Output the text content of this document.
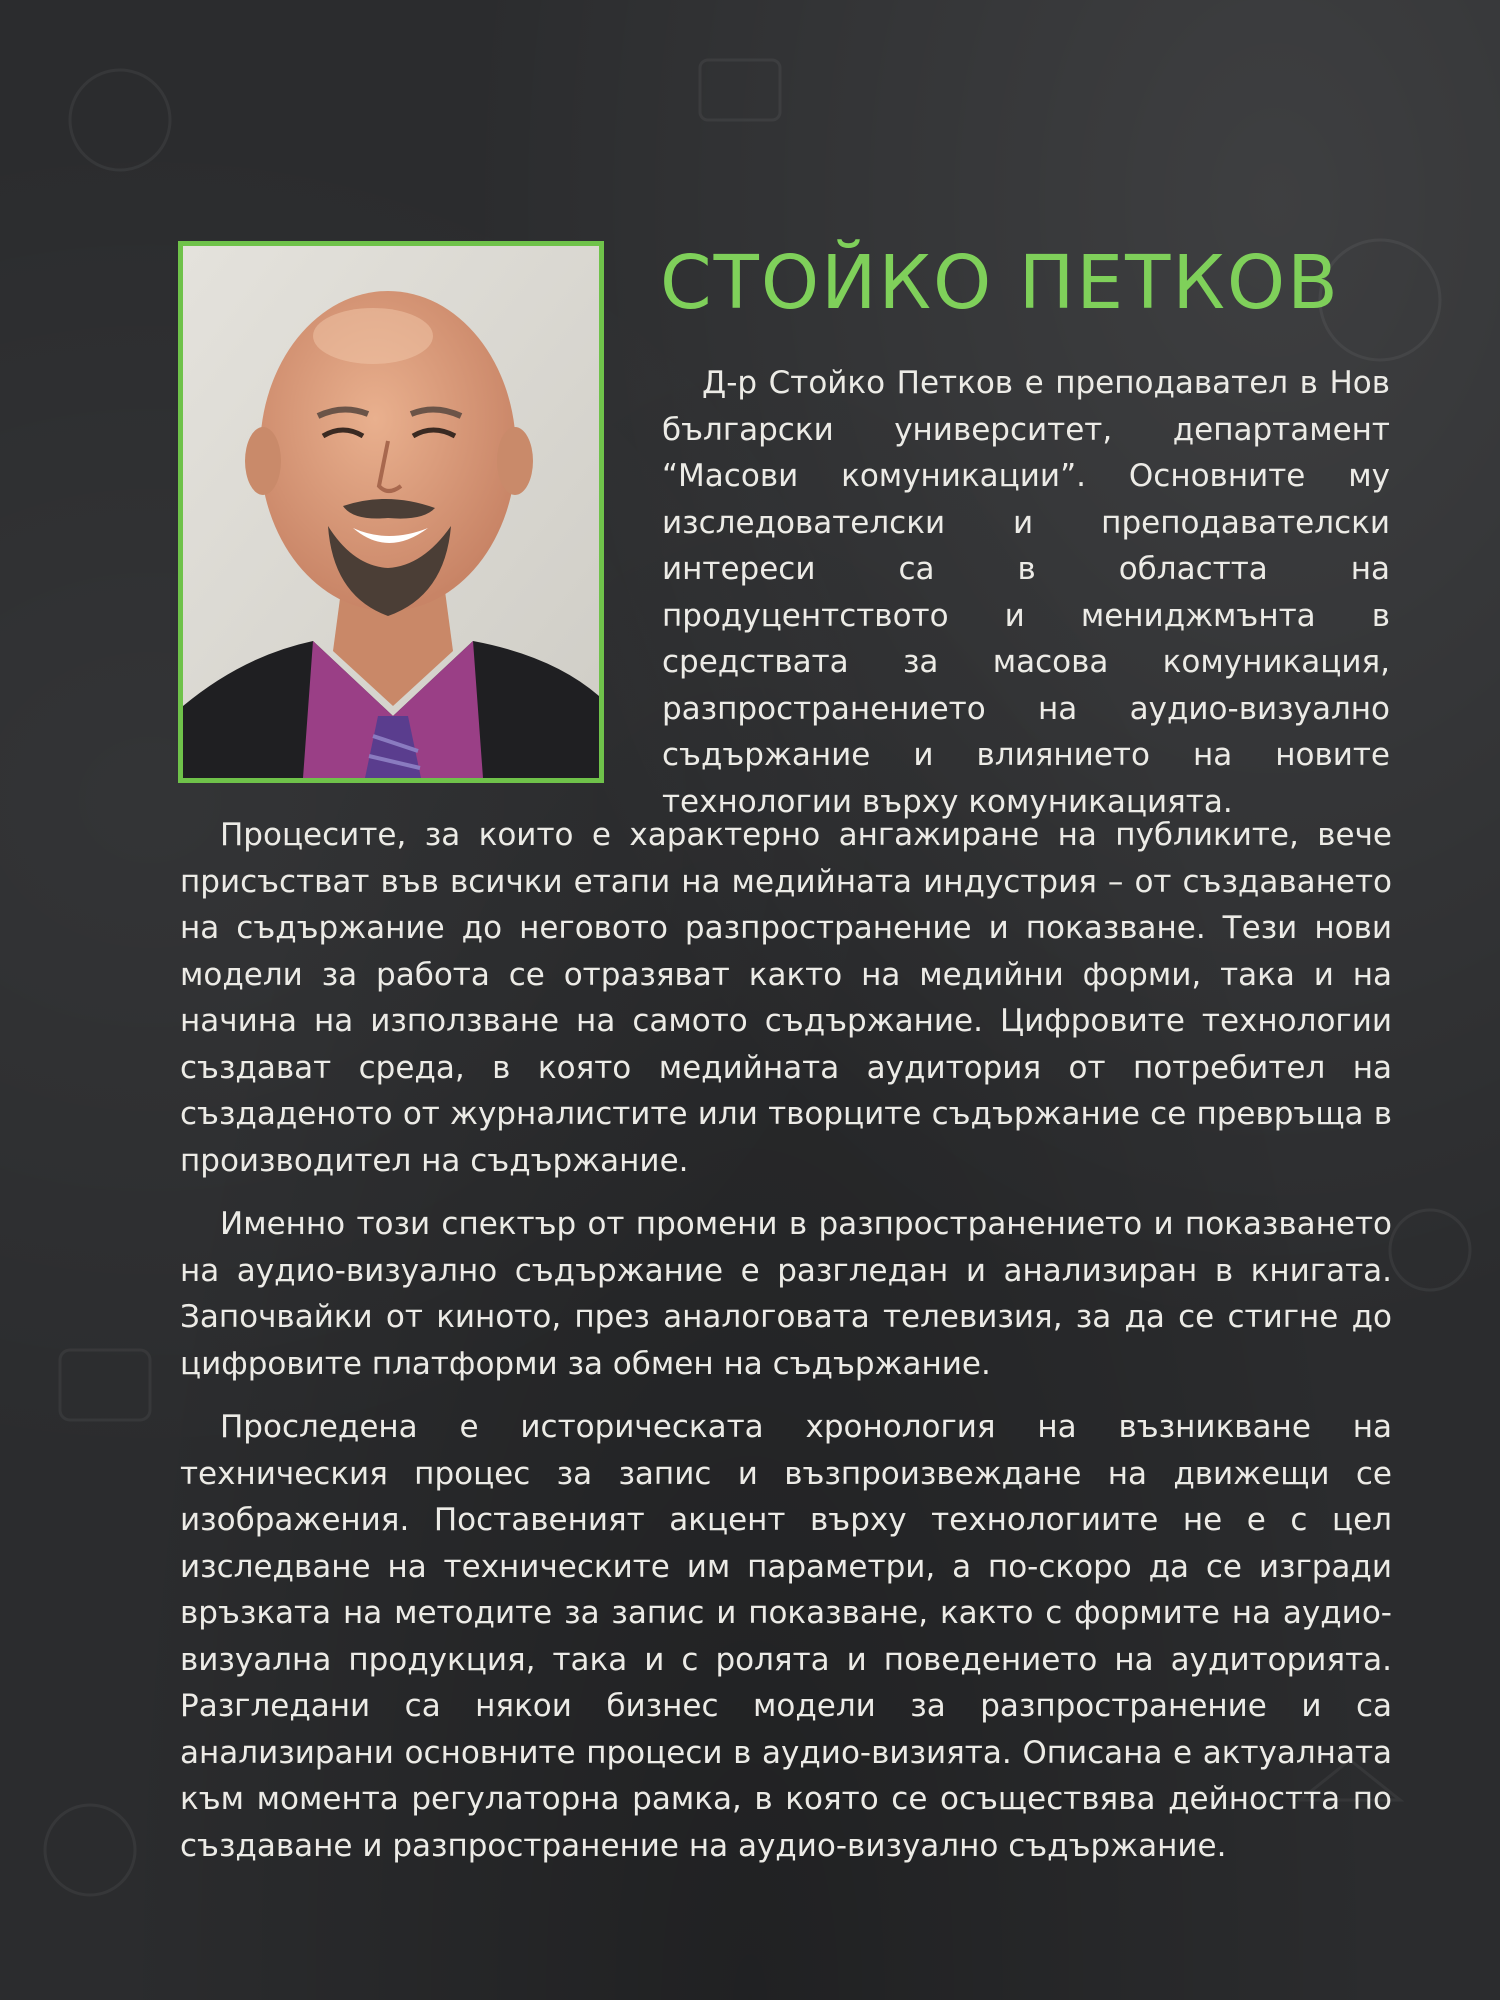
СТОЙКО ПЕТКОВ

Д-р Стойко Петков е преподавател в Нов български университет, департамент “Масови комуникации”. Основните му изследователски и преподавателски интереси са в областта на продуцентството и мениджмънта в средствата за масова комуникация, разпространението на аудио-визуално съдържание и влиянието на новите технологии върху комуникацията.

Процесите, за които е характерно ангажиране на публиките, вече присъстват във всички етапи на медийната индустрия – от създаването на съдържание до неговото разпространение и показване. Тези нови модели за работа се отразяват както на медийни форми, така и на начина на използване на самото съдържание. Цифровите технологии създават среда, в която медийната аудитория от потребител на създаденото от журналистите или творците съдържание се превръща в производител на съдържание.

Именно този спектър от промени в разпространението и показването на аудио-визуално съдържание е разгледан и анализиран в книгата. Започвайки от киното, през аналоговата телевизия, за да се стигне до цифровите платформи за обмен на съдържание.

Проследена е историческата хронология на възникване на техническия процес за запис и възпроизвеждане на движещи се изображения. Поставеният акцент върху технологиите не е с цел изследване на техническите им параметри, а по-скоро да се изгради връзката на методите за запис и показване, както с формите на аудио-визуална продукция, така и с ролята и поведението на аудиторията. Разгледани са някои бизнес модели за разпространение и са анализирани основните процеси в аудио-визията. Описана е актуалната към момента регулаторна рамка, в която се осъществява дейността по създаване и разпространение на аудио-визуално съдържание.
